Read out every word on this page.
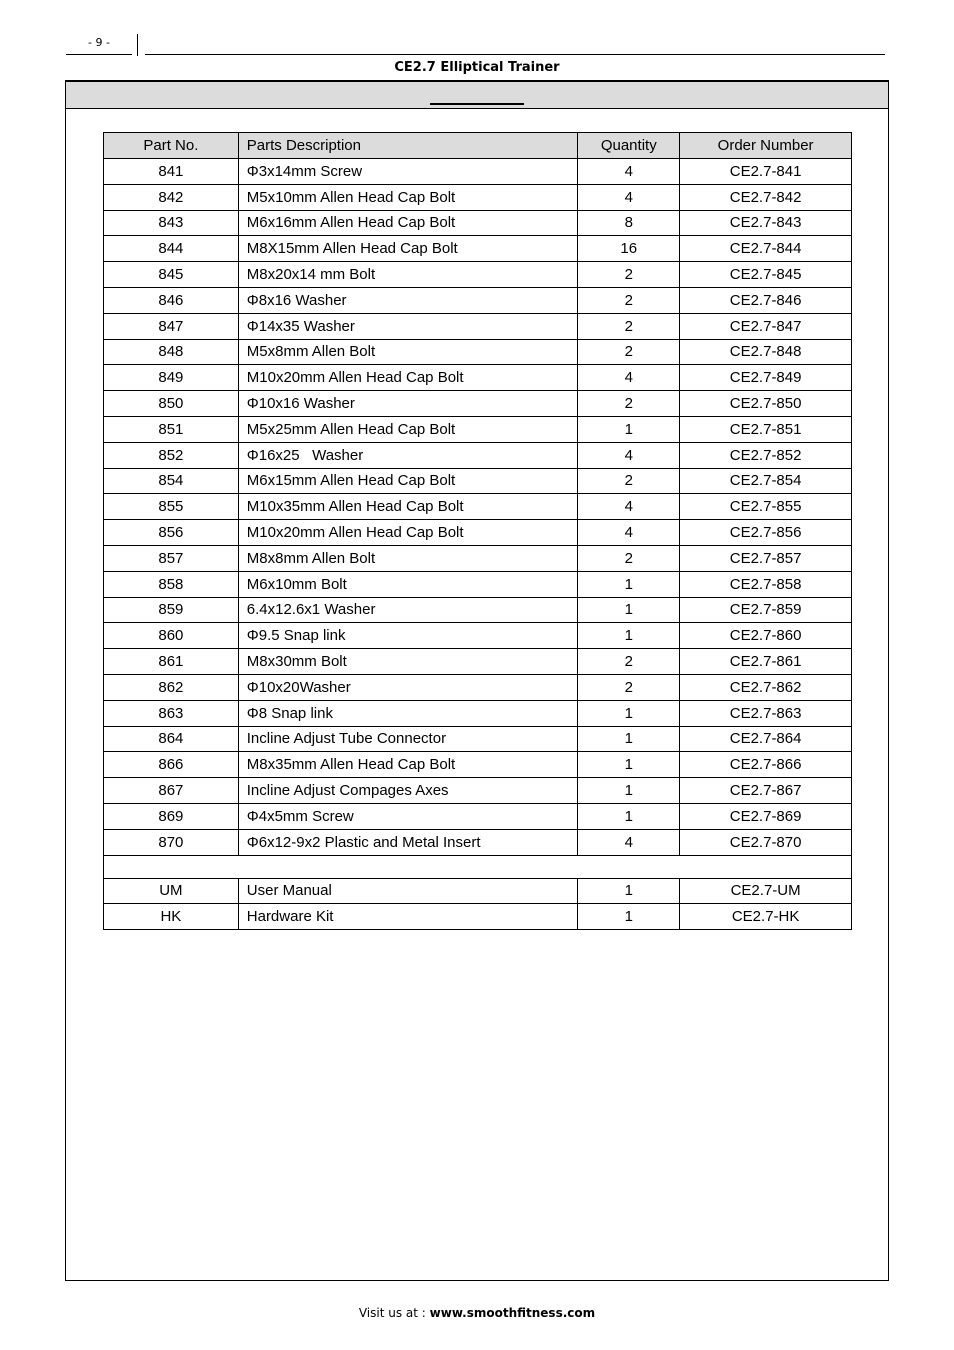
- 9 -
CE2.7 Elliptical Trainer
Part No.	Parts Description	Quantity	Order Number
841	Φ3x14mm Screw	4	CE2.7-841
842	M5x10mm Allen Head Cap Bolt	4	CE2.7-842
843	M6x16mm Allen Head Cap Bolt	8	CE2.7-843
844	M8X15mm Allen Head Cap Bolt	16	CE2.7-844
845	M8x20x14 mm Bolt	2	CE2.7-845
846	Φ8x16 Washer	2	CE2.7-846
847	Φ14x35 Washer	2	CE2.7-847
848	M5x8mm Allen Bolt	2	CE2.7-848
849	M10x20mm Allen Head Cap Bolt	4	CE2.7-849
850	Φ10x16 Washer	2	CE2.7-850
851	M5x25mm Allen Head Cap Bolt	1	CE2.7-851
852	Φ16x25   Washer	4	CE2.7-852
854	M6x15mm Allen Head Cap Bolt	2	CE2.7-854
855	M10x35mm Allen Head Cap Bolt	4	CE2.7-855
856	M10x20mm Allen Head Cap Bolt	4	CE2.7-856
857	M8x8mm Allen Bolt	2	CE2.7-857
858	M6x10mm Bolt	1	CE2.7-858
859	6.4x12.6x1 Washer	1	CE2.7-859
860	Φ9.5 Snap link	1	CE2.7-860
861	M8x30mm Bolt	2	CE2.7-861
862	Φ10x20Washer	2	CE2.7-862
863	Φ8 Snap link	1	CE2.7-863
864	Incline Adjust Tube Connector	1	CE2.7-864
866	M8x35mm Allen Head Cap Bolt	1	CE2.7-866
867	Incline Adjust Compages Axes	1	CE2.7-867
869	Φ4x5mm Screw	1	CE2.7-869
870	Φ6x12-9x2 Plastic and Metal Insert	4	CE2.7-870

UM	User Manual	1	CE2.7-UM
HK	Hardware Kit	1	CE2.7-HK
Visit us at : www.smoothfitness.com
